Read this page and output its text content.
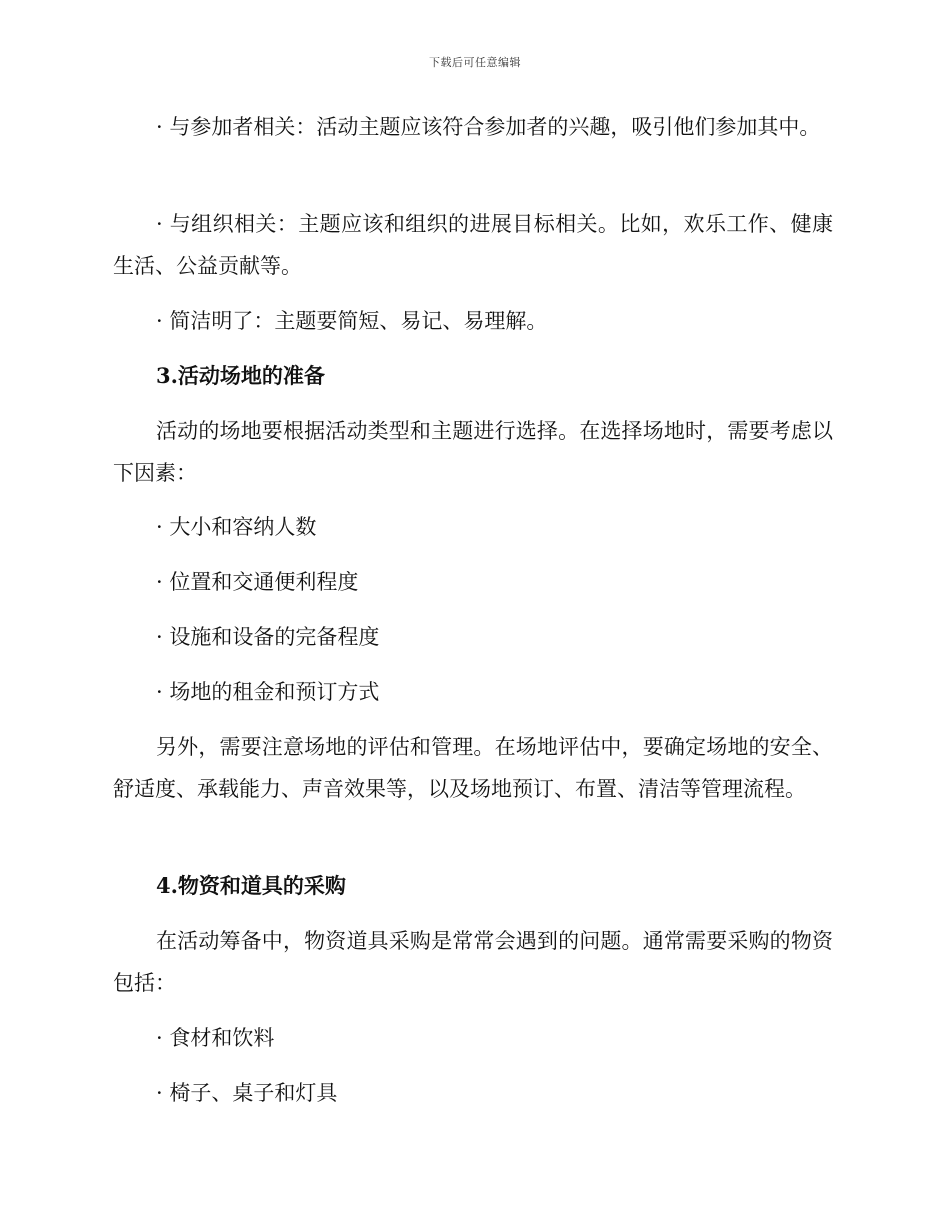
下载后可任意编辑

· 与参加者相关：活动主题应该符合参加者的兴趣，吸引他们参加其中。

· 与组织相关：主题应该和组织的进展目标相关。比如，欢乐工作、健康生活、公益贡献等。

· 简洁明了：主题要简短、易记、易理解。

3.活动场地的准备

活动的场地要根据活动类型和主题进行选择。在选择场地时，需要考虑以下因素：

· 大小和容纳人数

· 位置和交通便利程度

· 设施和设备的完备程度

· 场地的租金和预订方式

另外，需要注意场地的评估和管理。在场地评估中，要确定场地的安全、舒适度、承载能力、声音效果等，以及场地预订、布置、清洁等管理流程。

4.物资和道具的采购

在活动筹备中，物资道具采购是常常会遇到的问题。通常需要采购的物资包括：

· 食材和饮料

· 椅子、桌子和灯具
